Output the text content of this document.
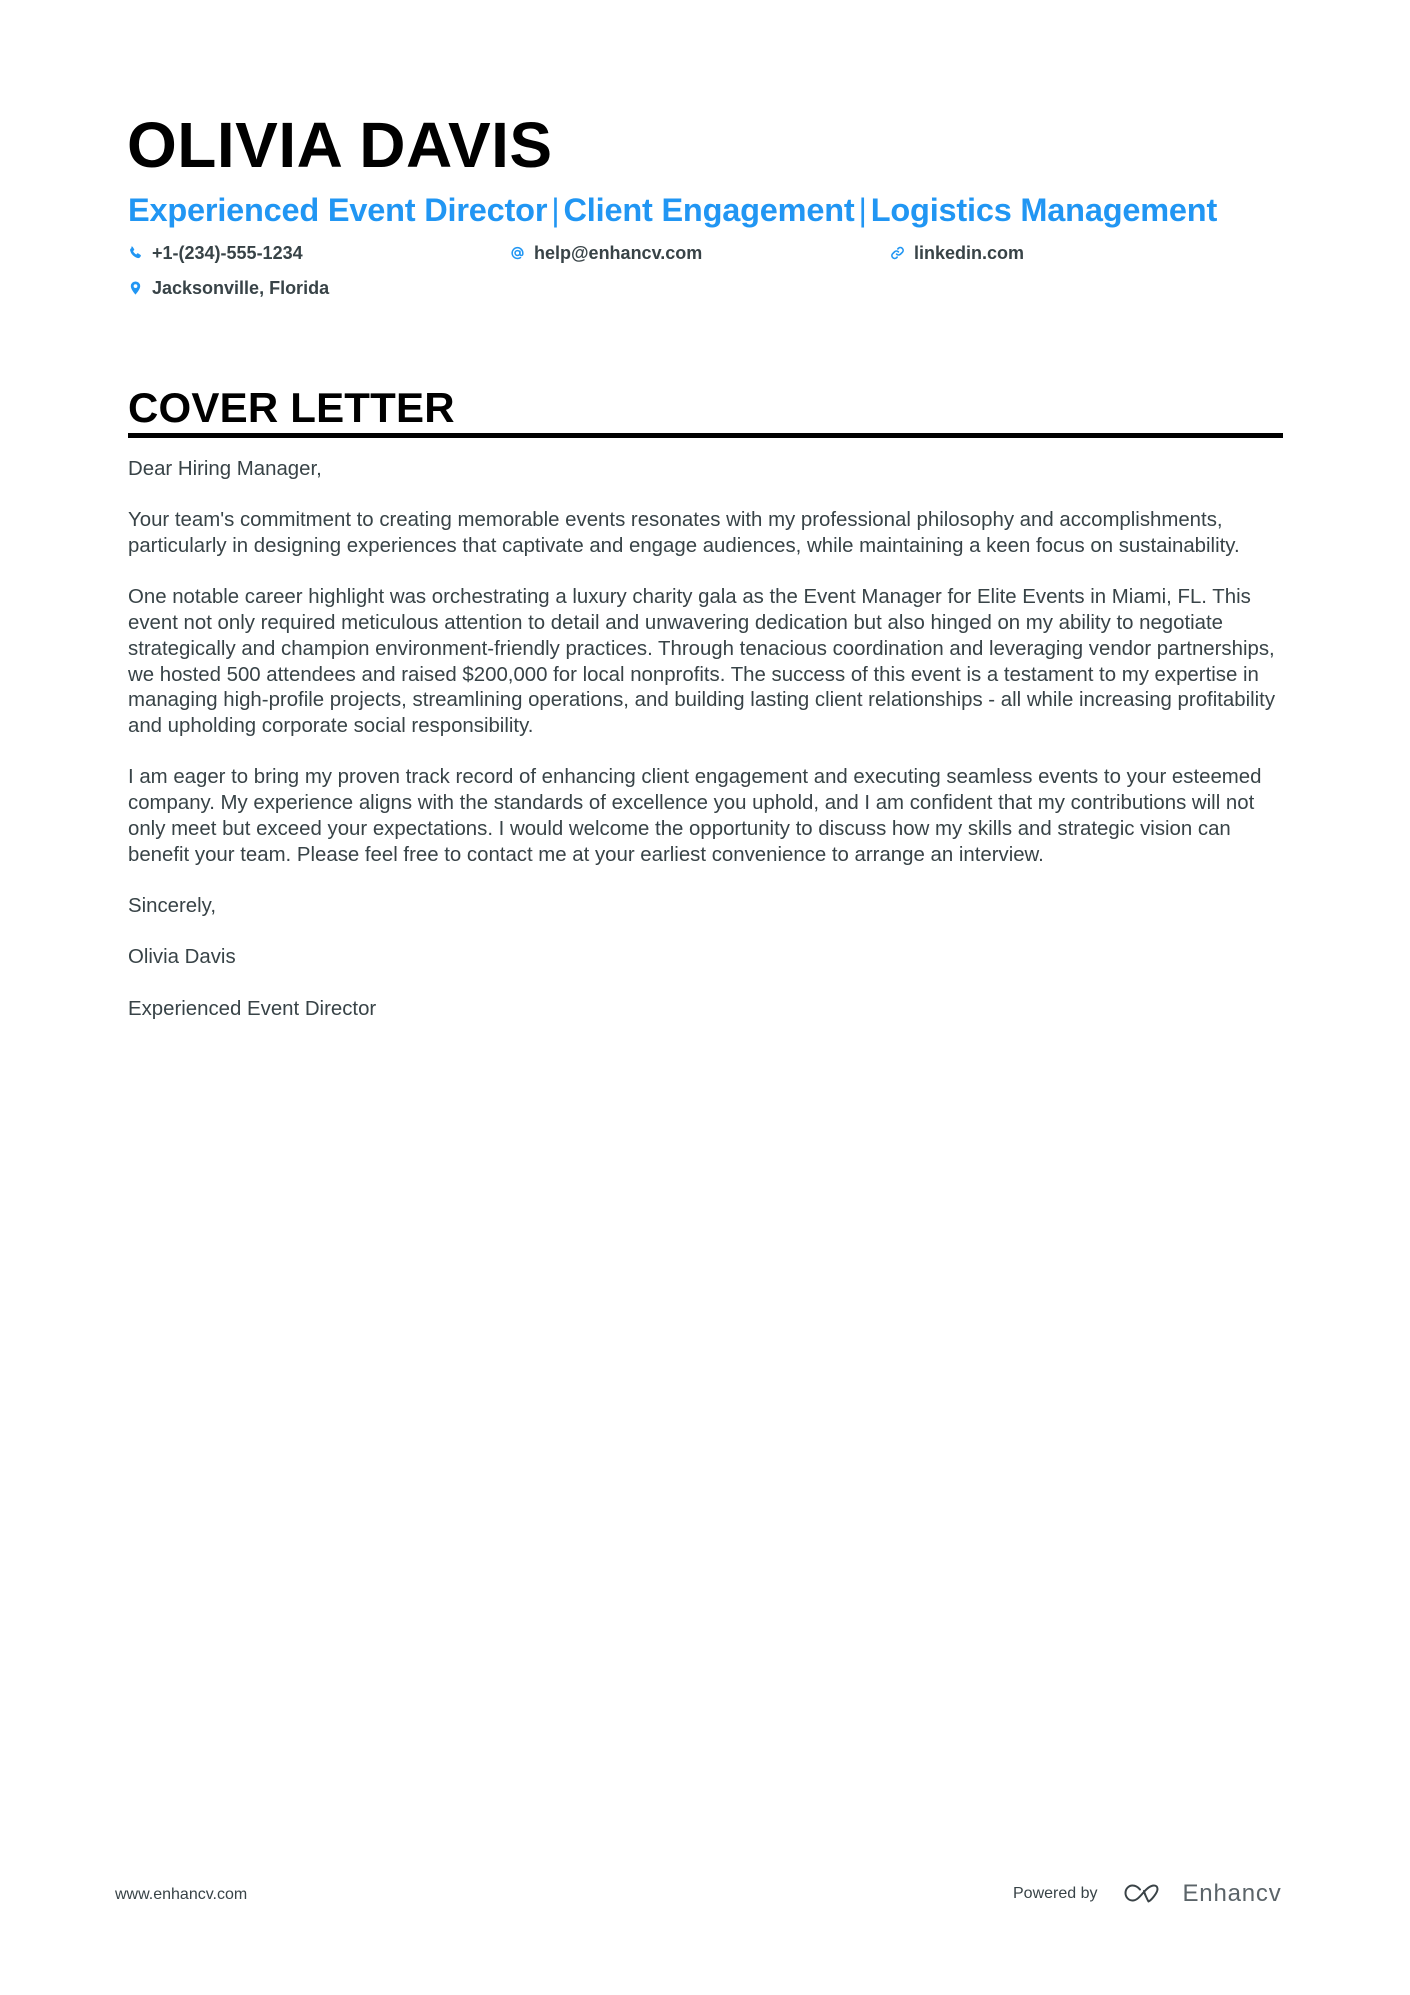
OLIVIA DAVIS
Experienced Event Director | Client Engagement | Logistics Management
+1-(234)-555-1234	help@enhancv.com	linkedin.com
Jacksonville, Florida
COVER LETTER

Dear Hiring Manager,

Your team's commitment to creating memorable events resonates with my professional philosophy and accomplishments, particularly in designing experiences that captivate and engage audiences, while maintaining a keen focus on sustainability.

One notable career highlight was orchestrating a luxury charity gala as the Event Manager for Elite Events in Miami, FL. This event not only required meticulous attention to detail and unwavering dedication but also hinged on my ability to negotiate strategically and champion environment-friendly practices. Through tenacious coordination and leveraging vendor partnerships, we hosted 500 attendees and raised $200,000 for local nonprofits. The success of this event is a testament to my expertise in managing high-profile projects, streamlining operations, and building lasting client relationships - all while increasing profitability and upholding corporate social responsibility.

I am eager to bring my proven track record of enhancing client engagement and executing seamless events to your esteemed company. My experience aligns with the standards of excellence you uphold, and I am confident that my contributions will not only meet but exceed your expectations. I would welcome the opportunity to discuss how my skills and strategic vision can benefit your team. Please feel free to contact me at your earliest convenience to arrange an interview.

Sincerely,

Olivia Davis

Experienced Event Director

www.enhancv.com	Powered by	Enhancv
